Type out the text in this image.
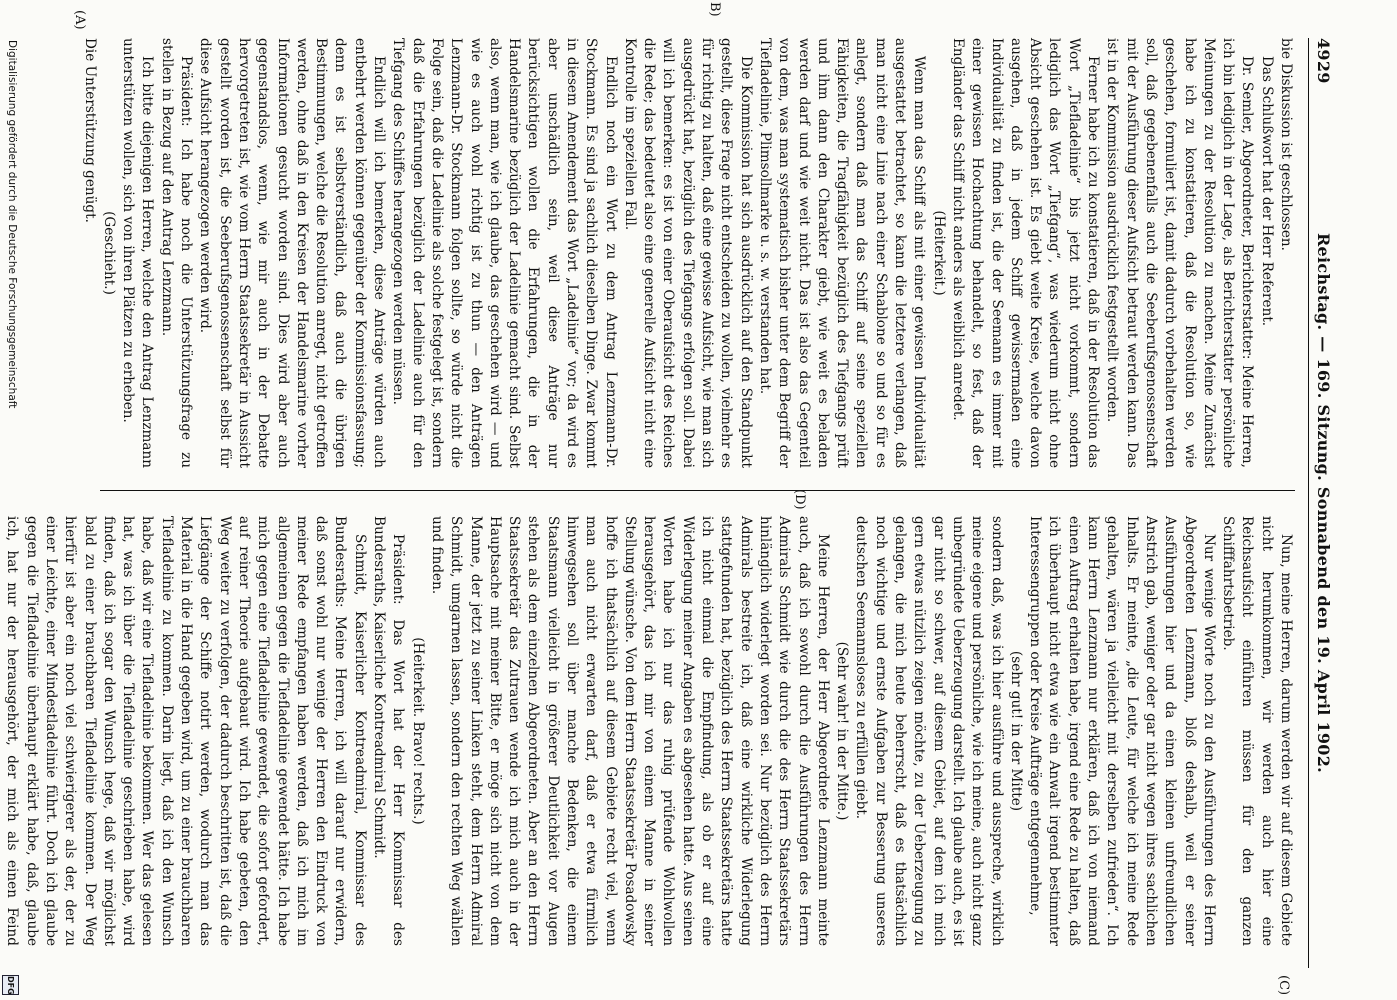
4929
Reichstag. — 169. Sitzung. Sonnabend den 19. April 1902.
(C)
(D)
(A)
B)

bie Diskussion ist geschlossen.

Das Schlußwort hat der Herr Referent.

Dr. Semler, Abgeordneter, Berichterstatter: Meine Herren, ich bin lediglich in der Lage, als Berichterstatter persönliche Meinungen zu der Resolution zu machen. Meine Zunächst habe ich zu konstatieren, daß die Resolution so, wie geschehen, formuliert ist, damit dadurch vorbehalten werden soll, daß gegebenenfalls auch die Seeberufsgenossenschaft mit der Ausführung dieser Aufsicht betraut werden kann. Das ist in der Kommission ausdrücklich festgestellt worden.

Ferner habe ich zu konstatieren, daß in der Resolution das Wort „Tiefladelinie“ bis jetzt nicht vorkommt, sondern lediglich das Wort „Tiefgang“, was wiederum nicht ohne Absicht geschehen ist. Es giebt weite Kreise, welche davon ausgehen, daß in jedem Schiff gewissermaßen eine Individualität zu finden ist, die der Seemann es immer mit einer gewissen Hochachtung behandelt, so fest, daß der Engländer das Schiff nicht anders als weiblich anredet.

(Heiterkeit.)

Wenn man das Schiff als mit einer gewissen Individualität ausgestattet betrachtet, so kann die letztere verlangen, daß man nicht eine Linie nach einer Schablone so und so für es anlegt, sondern daß man das Schiff auf seine speziellen Fähigkeiten, die Tragfähigkeit bezüglich des Tiefgangs prüft und ihm dann den Charakter giebt, wie weit es beladen werden darf und wie weit nicht. Das ist also das Gegenteil von dem, was man systematisch bisher unter dem Begriff der Tiefladelinie, Plimsollmarke u. s. w. verstanden hat.

Die Kommission hat sich ausdrücklich auf den Standpunkt gestellt, diese Frage nicht entscheiden zu wollen, vielmehr es für richtig zu halten, daß eine gewisse Aufsicht, wie man sich ausgedrückt hat, bezüglich des Tiefgangs erfolgen soll. Dabei will ich bemerken: es ist von einer Oberaufsicht des Reiches die Rede; das bedeutet also eine generelle Aufsicht nicht eine Kontrolle im speziellen Fall.

Endlich noch ein Wort zu dem Antrag Lenzmann-Dr. Stockmann. Es sind ja sachlich dieselben Dinge. Zwar kommt in diesem Amendement das Wort „Ladelinie“ vor; da wird es aber unschädlich sein, weil diese Anträge nur berücksichtigen wollen die Erfahrungen, die in der Handelsmarine bezüglich der Ladelinie gemacht sind. Selbst also, wenn man, wie ich glaube, das geschehen wird — und wie es auch wohl richtig ist zu thun — den Anträgen Lenzmann-Dr. Stockmann folgen sollte, so würde nicht die Folge sein, daß die Ladelinie als solche festgelegt ist, sondern daß die Erfahrungen bezüglich der Ladelinie auch für den Tiefgang des Schiffes herangezogen werden müssen.

Endlich will ich bemerken, diese Anträge würden auch entbehrt werden können gegenüber der Kommissionsfassung; denn es ist selbstverständlich, daß auch die übrigen Bestimmungen, welche die Resolution anregt, nicht getroffen werden, ohne daß in den Kreisen der Handelsmarine vorher Informationen gesucht worden sind. Dies wird aber auch gegenstandslos, wenn, wie mir auch in der Debatte hervorgetreten ist, wie vom Herrn Staatssekretär in Aussicht gestellt worden ist, die Seeberufsgenossenschaft selbst für diese Aufsicht herangezogen werden wird.

Präsident: Ich habe noch die Unterstützungsfrage zu stellen in Bezug auf den Antrag Lenzmann.

Ich bitte diejenigen Herren, welche den Antrag Lenzmann unterstützen wollen, sich von ihren Plätzen zu erheben.

(Geschieht.)

Die Unterstützung genügt.

Nun, meine Herren, darum werden wir auf diesem Gebiete nicht herumkommen, wir werden auch hier eine Reichsaufsicht einführen müssen für den ganzen Schifffahrtsbetrieb.

Nur wenige Worte noch zu den Ausführungen des Herrn Abgeordneten Lenzmann, bloß deshalb, weil er seiner Ausführungen hier und da einen kleinen unfreundlichen Anstrich gab, weniger oder gar nicht wegen ihres sachlichen Inhalts. Er meinte, „die Leute, für welche ich meine Rede gehalten, wären ja vielleicht mit derselben zufrieden“. Ich kann Herrn Lenzmann nur erklären, daß ich von niemand einen Auftrag erhalten habe, irgend eine Rede zu halten, daß ich überhaupt nicht etwa wie ein Anwalt irgend bestimmter Interessengruppen oder Kreise Aufträge entgegennehme,

(sehr gut! in der Mitte)

sondern daß, was ich hier ausführe und ausspreche, wirklich meine eigene und persönliche, wie ich meine, auch nicht ganz unbegründete Ueberzeugung darstellt. Ich glaube auch, es ist gar nicht so schwer, auf diesem Gebiet, auf dem ich mich gern etwas nützlich zeigen möchte, zu der Ueberzeugung zu gelangen, die mich heute beherrscht, daß es thatsächlich noch wichtige und ernste Aufgaben zur Besserung unseres deutschen Seemannsloses zu erfüllen giebt.

(Sehr wahr! in der Mitte.)

Meine Herren, der Herr Abgeordnete Lenzmann meinte auch, daß ich sowohl durch die Ausführungen des Herrn Admirals Schmidt wie durch die des Herrn Staatssekretärs hinlänglich widerlegt worden sei. Nur bezüglich des Herrn Admirals bestreite ich, daß eine wirkliche Widerlegung stattgefunden hat, bezüglich des Herrn Staatssekretärs hatte ich nicht einmal die Empfindung, als ob er auf eine Widerlegung meiner Angaben es abgesehen hatte. Aus seinen Worten habe ich nur das ruhig prüfende Wohlwollen herausgehört, das ich mir von einem Manne in seiner Stellung wünsche. Von dem Herrn Staatssekretär Posadowsky hoffe ich thatsächlich auf diesem Gebiete recht viel, wenn man auch nicht erwarten darf, daß er etwa fürmlich hinwegsehen soll über manche Bedenken, die einem Staatsmann vielleicht in größerer Deutlichkeit vor Augen stehen als dem einzelnen Abgeordneten. Aber an den Herrn Staatssekretär das Zutrauen wende ich mich auch in der Hauptsache mit meiner Bitte, er möge sich nicht von dem Manne, der jetzt zu seiner Linken steht, dem Herrn Admiral Schmidt, umgarnen lassen, sondern den rechten Weg wählen und finden.

(Heiterkeit. Bravo! rechts.)

Präsident: Das Wort hat der Herr Kommissar des Bundesraths, Kaiserliche Kontreadmiral Schmidt.

Schmidt, Kaiserlicher Kontreadmiral, Kommissar des Bundesraths: Meine Herren, ich will darauf nur erwidern, daß sonst wohl nur wenige der Herren den Eindruck von meiner Rede empfangen haben werden, daß ich mich im allgemeinen gegen die Tiefladelinie gewendet hätte. Ich habe mich gegen eine Tiefladelinie gewendet, die sofort gefordert, auf reiner Theorie aufgebaut wird. Ich habe gebeten, den Weg weiter zu verfolgen, der dadurch beschritten ist, daß die Liefgänge der Schiffe notirt werden, wodurch man das Material in die Hand gegeben wird, um zu einer brauchbaren Tiefladelinie zu kommen. Darin liegt, daß ich den Wunsch habe, daß wir eine Tiefladelinie bekommen. Wer das gelesen hat, was ich über die Tiefladelinie geschrieben habe, wird finden, daß ich sogar den Wunsch hege, daß wir möglichst bald zu einer brauchbaren Tiefladelinie kommen. Der Weg hierfür ist aber ein noch viel schwierigerer als der, der zu einer Leichte, einer Mindestladelinie führt. Doch ich glaube gegen die Tiefladelinie überhaupt erklärt habe, daß, glaube ich, hat nur der herausgehört, der mich als einen Feind

Digitalisierung gefördert durch die Deutsche Forschungsgemeinschaft
DFG
